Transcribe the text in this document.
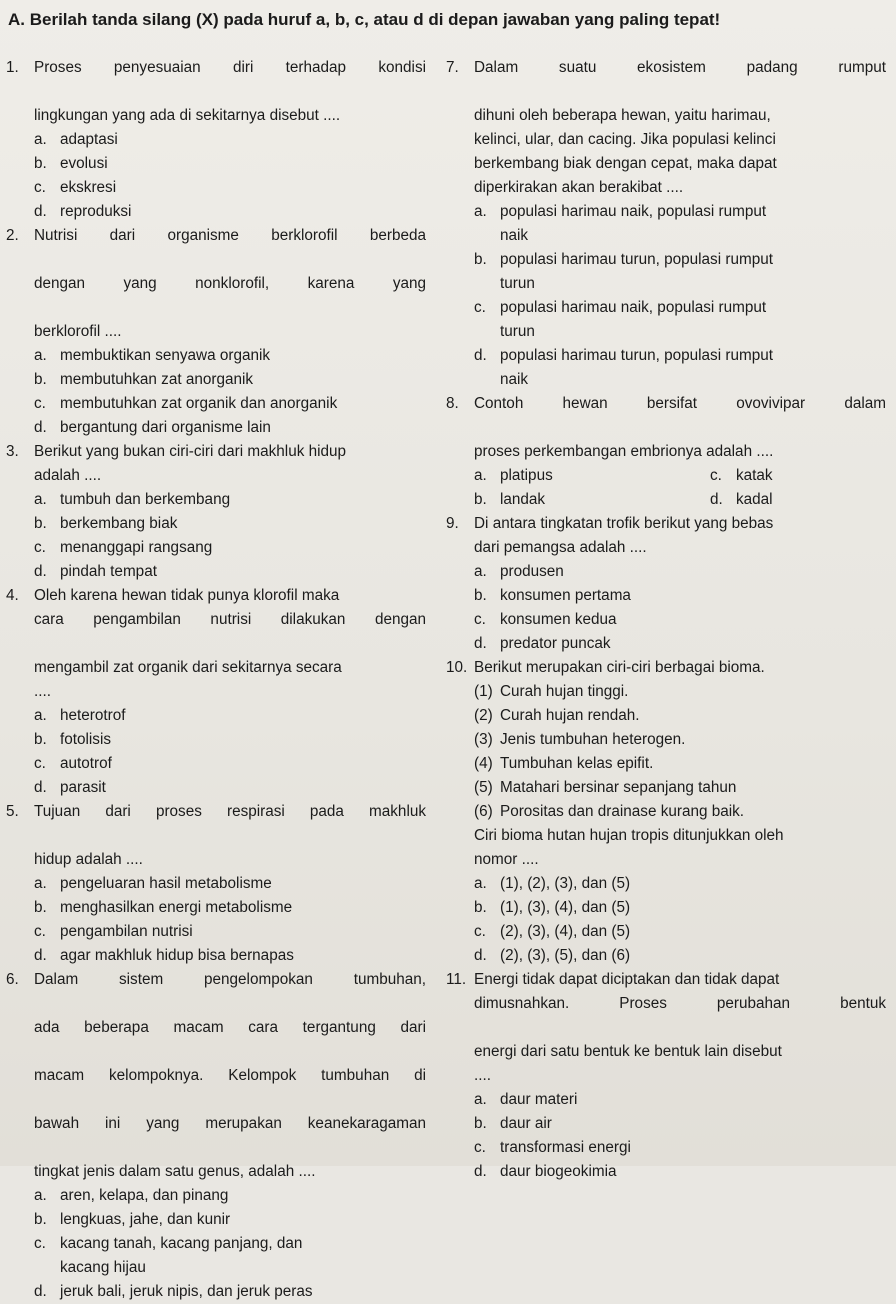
A. Berilah tanda silang (X) pada huruf a, b, c, atau d di depan jawaban yang paling tepat!
1. Proses penyesuaian diri terhadap kondisi
lingkungan yang ada di sekitarnya disebut ....
a. adaptasi
b. evolusi
c. ekskresi
d. reproduksi
2. Nutrisi dari organisme berklorofil berbeda
dengan yang nonklorofil, karena yang
berklorofil ....
a. membuktikan senyawa organik
b. membutuhkan zat anorganik
c. membutuhkan zat organik dan anorganik
d. bergantung dari organisme lain
3. Berikut yang bukan ciri-ciri dari makhluk hidup
adalah ....
a. tumbuh dan berkembang
b. berkembang biak
c. menanggapi rangsang
d. pindah tempat
4. Oleh karena hewan tidak punya klorofil maka
cara pengambilan nutrisi dilakukan dengan
mengambil zat organik dari sekitarnya secara
....
a. heterotrof
b. fotolisis
c. autotrof
d. parasit
5. Tujuan dari proses respirasi pada makhluk
hidup adalah ....
a. pengeluaran hasil metabolisme
b. menghasilkan energi metabolisme
c. pengambilan nutrisi
d. agar makhluk hidup bisa bernapas
6. Dalam sistem pengelompokan tumbuhan,
ada beberapa macam cara tergantung dari
macam kelompoknya. Kelompok tumbuhan di
bawah ini yang merupakan keanekaragaman
tingkat jenis dalam satu genus, adalah ....
a. aren, kelapa, dan pinang
b. lengkuas, jahe, dan kunir
c. kacang tanah, kacang panjang, dan
kacang hijau
d. jeruk bali, jeruk nipis, dan jeruk peras
7. Dalam suatu ekosistem padang rumput
dihuni oleh beberapa hewan, yaitu harimau,
kelinci, ular, dan cacing. Jika populasi kelinci
berkembang biak dengan cepat, maka dapat
diperkirakan akan berakibat ....
a. populasi harimau naik, populasi rumput
naik
b. populasi harimau turun, populasi rumput
turun
c. populasi harimau naik, populasi rumput
turun
d. populasi harimau turun, populasi rumput
naik
8. Contoh hewan bersifat ovovivipar dalam
proses perkembangan embrionya adalah ....
a. platipus	c. katak
b. landak	d. kadal
9. Di antara tingkatan trofik berikut yang bebas
dari pemangsa adalah ....
a. produsen
b. konsumen pertama
c. konsumen kedua
d. predator puncak
10. Berikut merupakan ciri-ciri berbagai bioma.
(1) Curah hujan tinggi.
(2) Curah hujan rendah.
(3) Jenis tumbuhan heterogen.
(4) Tumbuhan kelas epifit.
(5) Matahari bersinar sepanjang tahun
(6) Porositas dan drainase kurang baik.
Ciri bioma hutan hujan tropis ditunjukkan oleh
nomor ....
a. (1), (2), (3), dan (5)
b. (1), (3), (4), dan (5)
c. (2), (3), (4), dan (5)
d. (2), (3), (5), dan (6)
11. Energi tidak dapat diciptakan dan tidak dapat
dimusnahkan. Proses perubahan bentuk
energi dari satu bentuk ke bentuk lain disebut
....
a. daur materi
b. daur air
c. transformasi energi
d. daur biogeokimia
